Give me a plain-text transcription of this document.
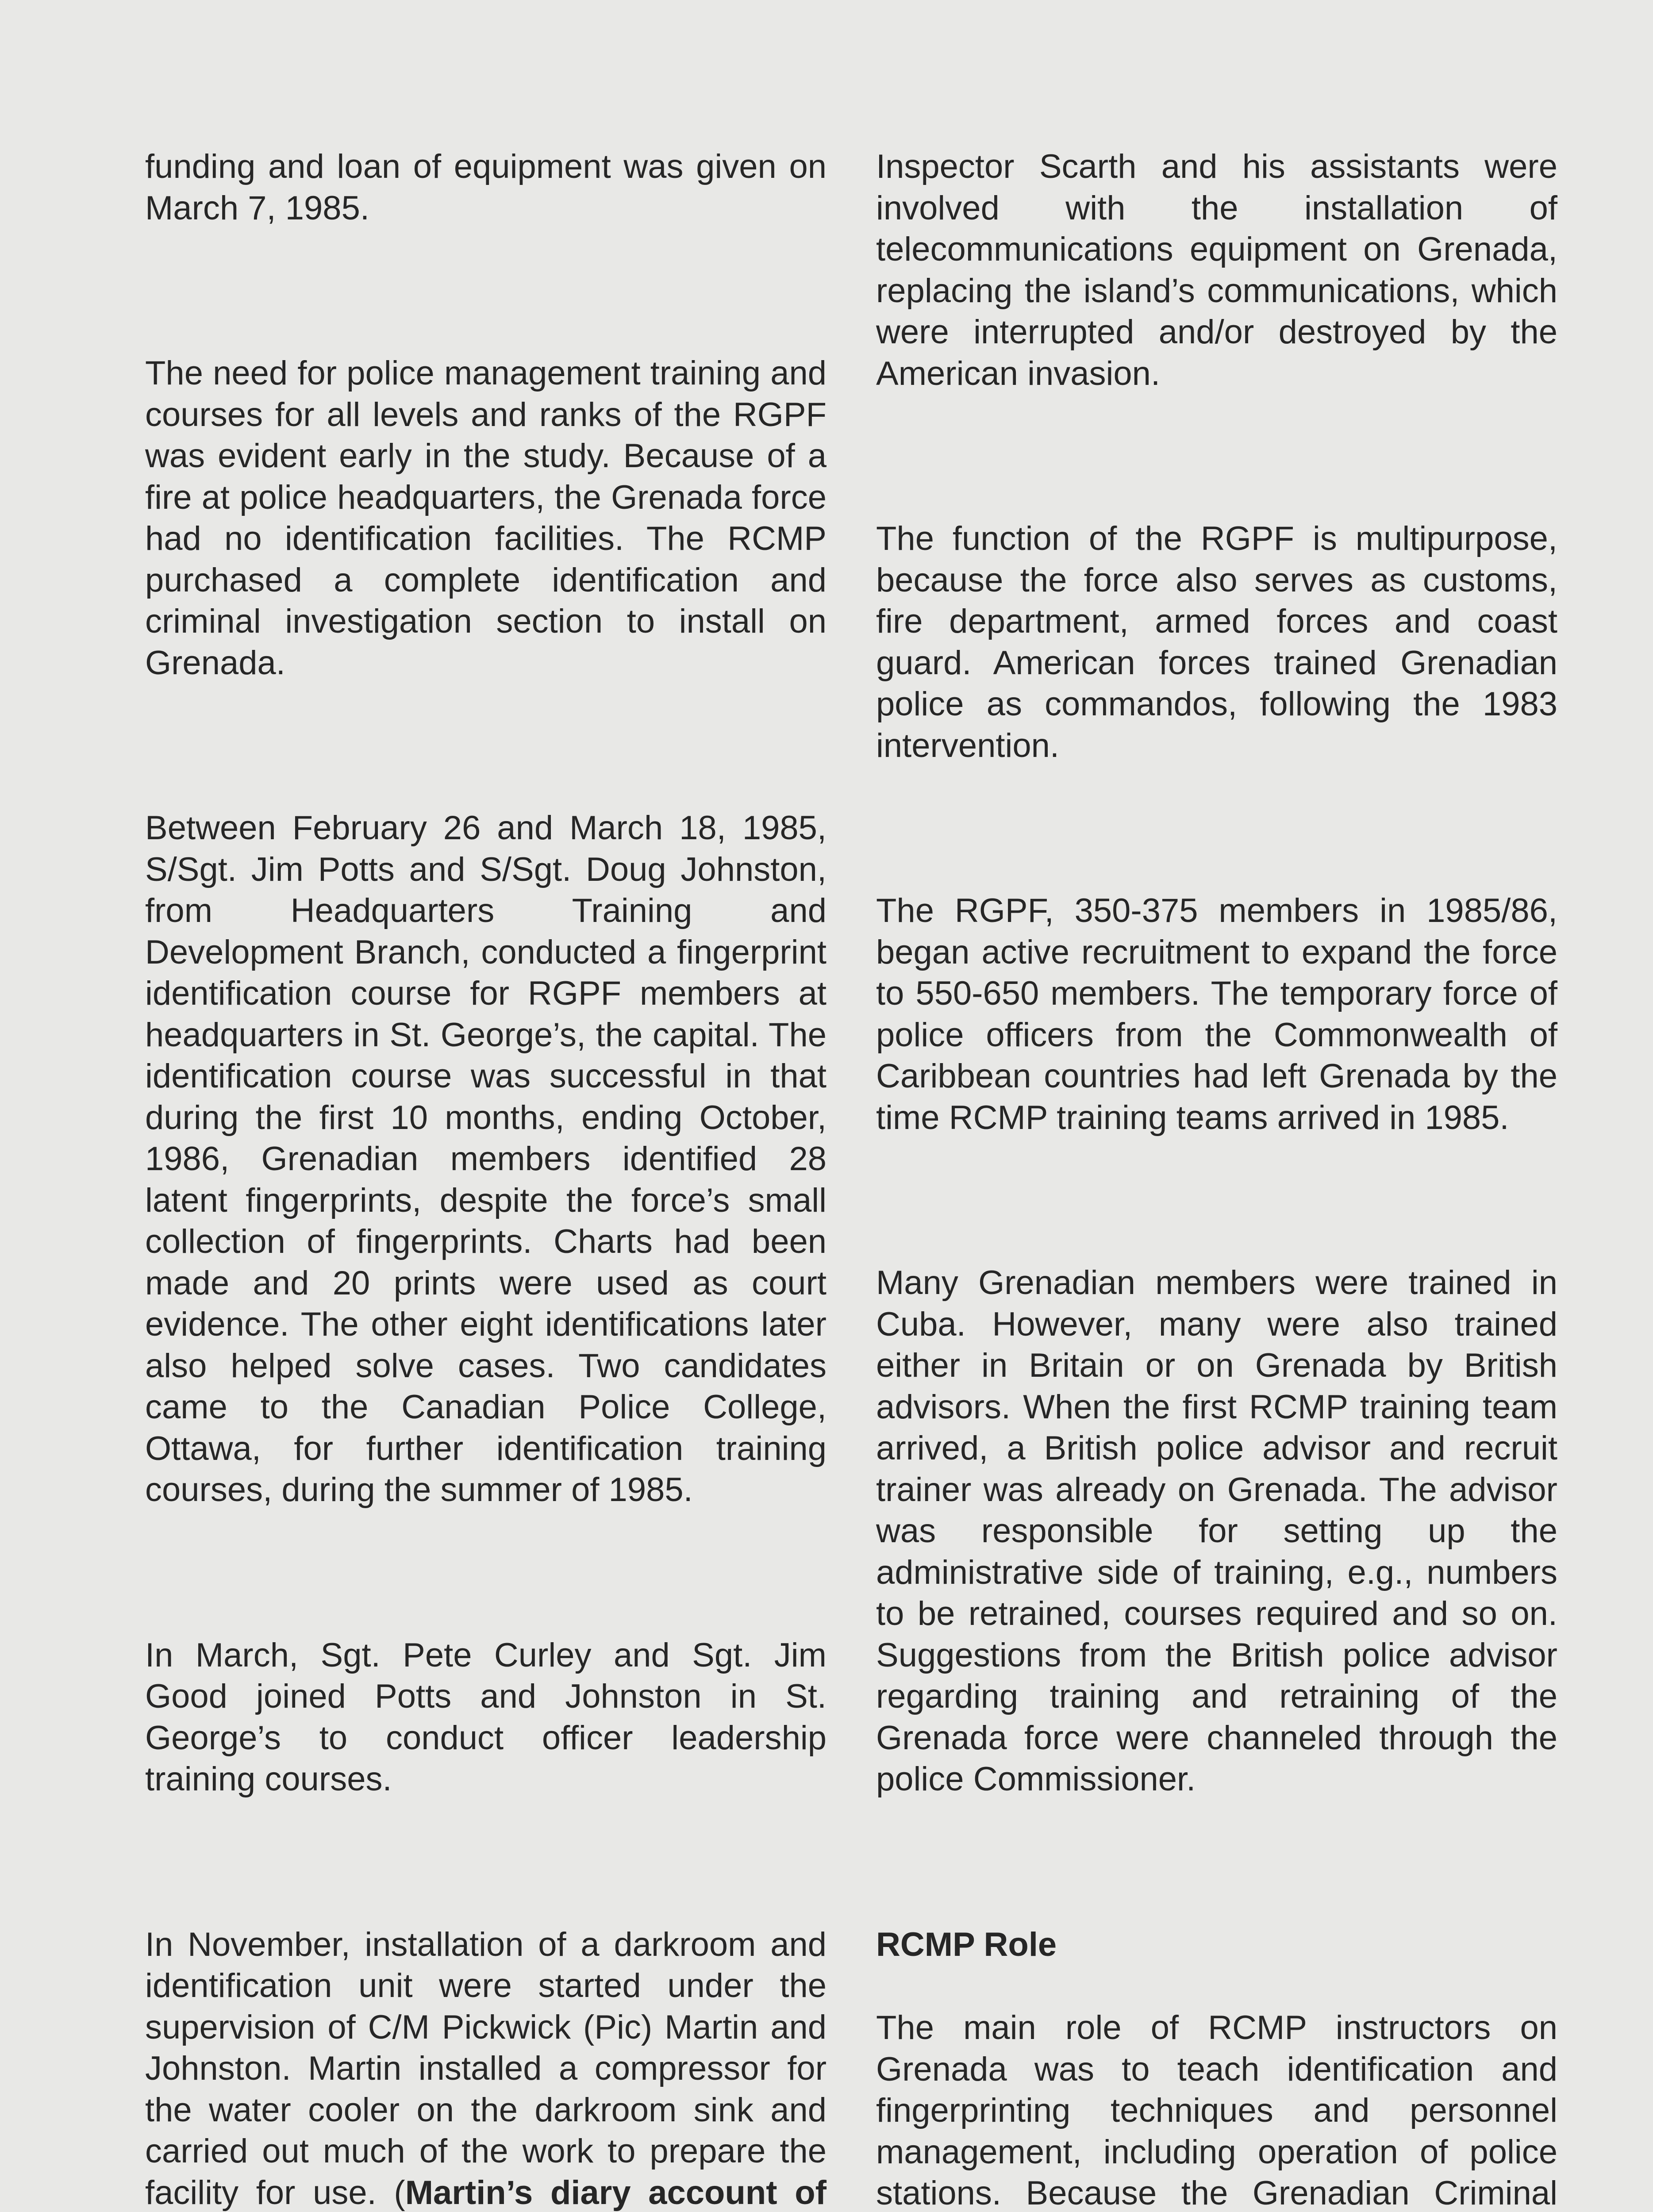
funding and loan of equipment was given on March 7, 1985.

The need for police management training and courses for all levels and ranks of the RGPF was evident early in the study. Because of a fire at police headquarters, the Grenada force had no identification facilities. The RCMP purchased a complete identification and criminal investigation section to install on Grenada.

Between February 26 and March 18, 1985, S/Sgt. Jim Potts and S/Sgt. Doug Johnston, from Headquarters Training and Development Branch, conducted a fingerprint identification course for RGPF members at headquarters in St. George’s, the capital. The identification course was successful in that during the first 10 months, ending October, 1986, Grenadian members identified 28 latent fingerprints, despite the force’s small collection of fingerprints. Charts had been made and 20 prints were used as court evidence. The other eight identifications later also helped solve cases. Two candidates came to the Canadian Police College, Ottawa, for further identification training courses, during the summer of 1985.

In March, Sgt. Pete Curley and Sgt. Jim Good joined Potts and Johnston in St. George’s to conduct officer leadership training courses.

In November, installation of a darkroom and identification unit were started under the supervision of C/M Pickwick (Pic) Martin and Johnston. Martin installed a compressor for the water cooler on the darkroom sink and carried out much of the work to prepare the facility for use. (Martin’s diary account of

Inspector Scarth and his assistants were involved with the installation of telecommunications equipment on Grenada, replacing the island’s communications, which were interrupted and/or destroyed by the American invasion.

The function of the RGPF is multipurpose, because the force also serves as customs, fire department, armed forces and coast guard. American forces trained Grenadian police as commandos, following the 1983 intervention.

The RGPF, 350-375 members in 1985/86, began active recruitment to expand the force to 550-650 members. The temporary force of police officers from the Commonwealth of Caribbean countries had left Grenada by the time RCMP training teams arrived in 1985.

Many Grenadian members were trained in Cuba. However, many were also trained either in Britain or on Grenada by British advisors. When the first RCMP training team arrived, a British police advisor and recruit trainer was already on Grenada. The advisor was responsible for setting up the administrative side of training, e.g., numbers to be retrained, courses required and so on. Suggestions from the British police advisor regarding training and retraining of the Grenada force were channeled through the police Commissioner.

RCMP Role

The main role of RCMP instructors on Grenada was to teach identification and fingerprinting techniques and personnel management, including operation of police stations. Because the Grenadian Criminal
